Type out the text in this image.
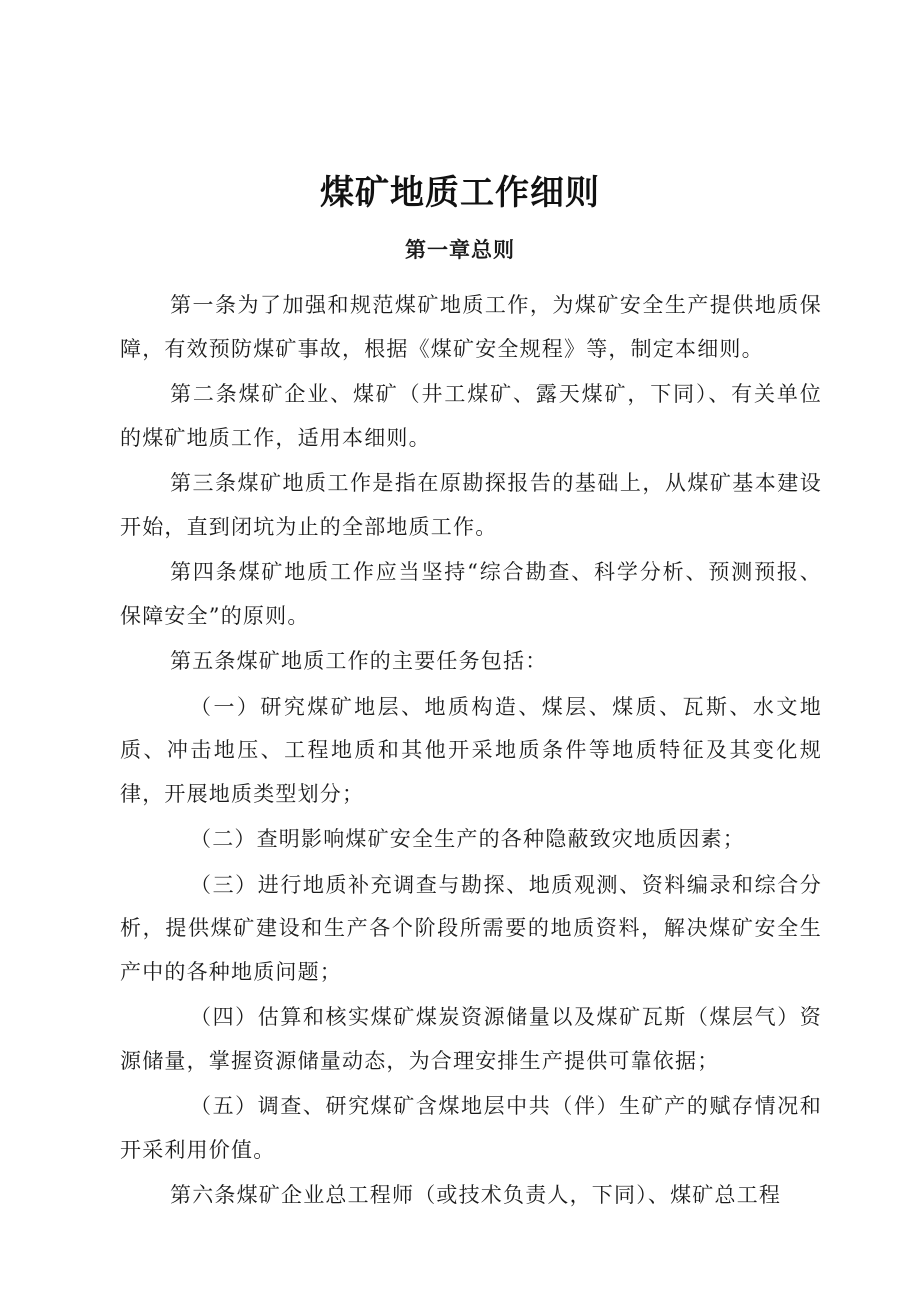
煤矿地质工作细则
第一章总则

第一条为了加强和规范煤矿地质工作，为煤矿安全生产提供地质保障，有效预防煤矿事故，根据《煤矿安全规程》等，制定本细则。

第二条煤矿企业、煤矿（井工煤矿、露天煤矿，下同）、有关单位的煤矿地质工作，适用本细则。

第三条煤矿地质工作是指在原勘探报告的基础上，从煤矿基本建设开始，直到闭坑为止的全部地质工作。

第四条煤矿地质工作应当坚持“综合勘查、科学分析、预测预报、保障安全”的原则。

第五条煤矿地质工作的主要任务包括：

（一）研究煤矿地层、地质构造、煤层、煤质、瓦斯、水文地质、冲击地压、工程地质和其他开采地质条件等地质特征及其变化规律，开展地质类型划分；

（二）查明影响煤矿安全生产的各种隐蔽致灾地质因素；

（三）进行地质补充调查与勘探、地质观测、资料编录和综合分析，提供煤矿建设和生产各个阶段所需要的地质资料，解决煤矿安全生产中的各种地质问题；

（四）估算和核实煤矿煤炭资源储量以及煤矿瓦斯（煤层气）资源储量，掌握资源储量动态，为合理安排生产提供可靠依据；

（五）调查、研究煤矿含煤地层中共（伴）生矿产的赋存情况和开采利用价值。

第六条煤矿企业总工程师（或技术负责人，下同）、煤矿总工程
